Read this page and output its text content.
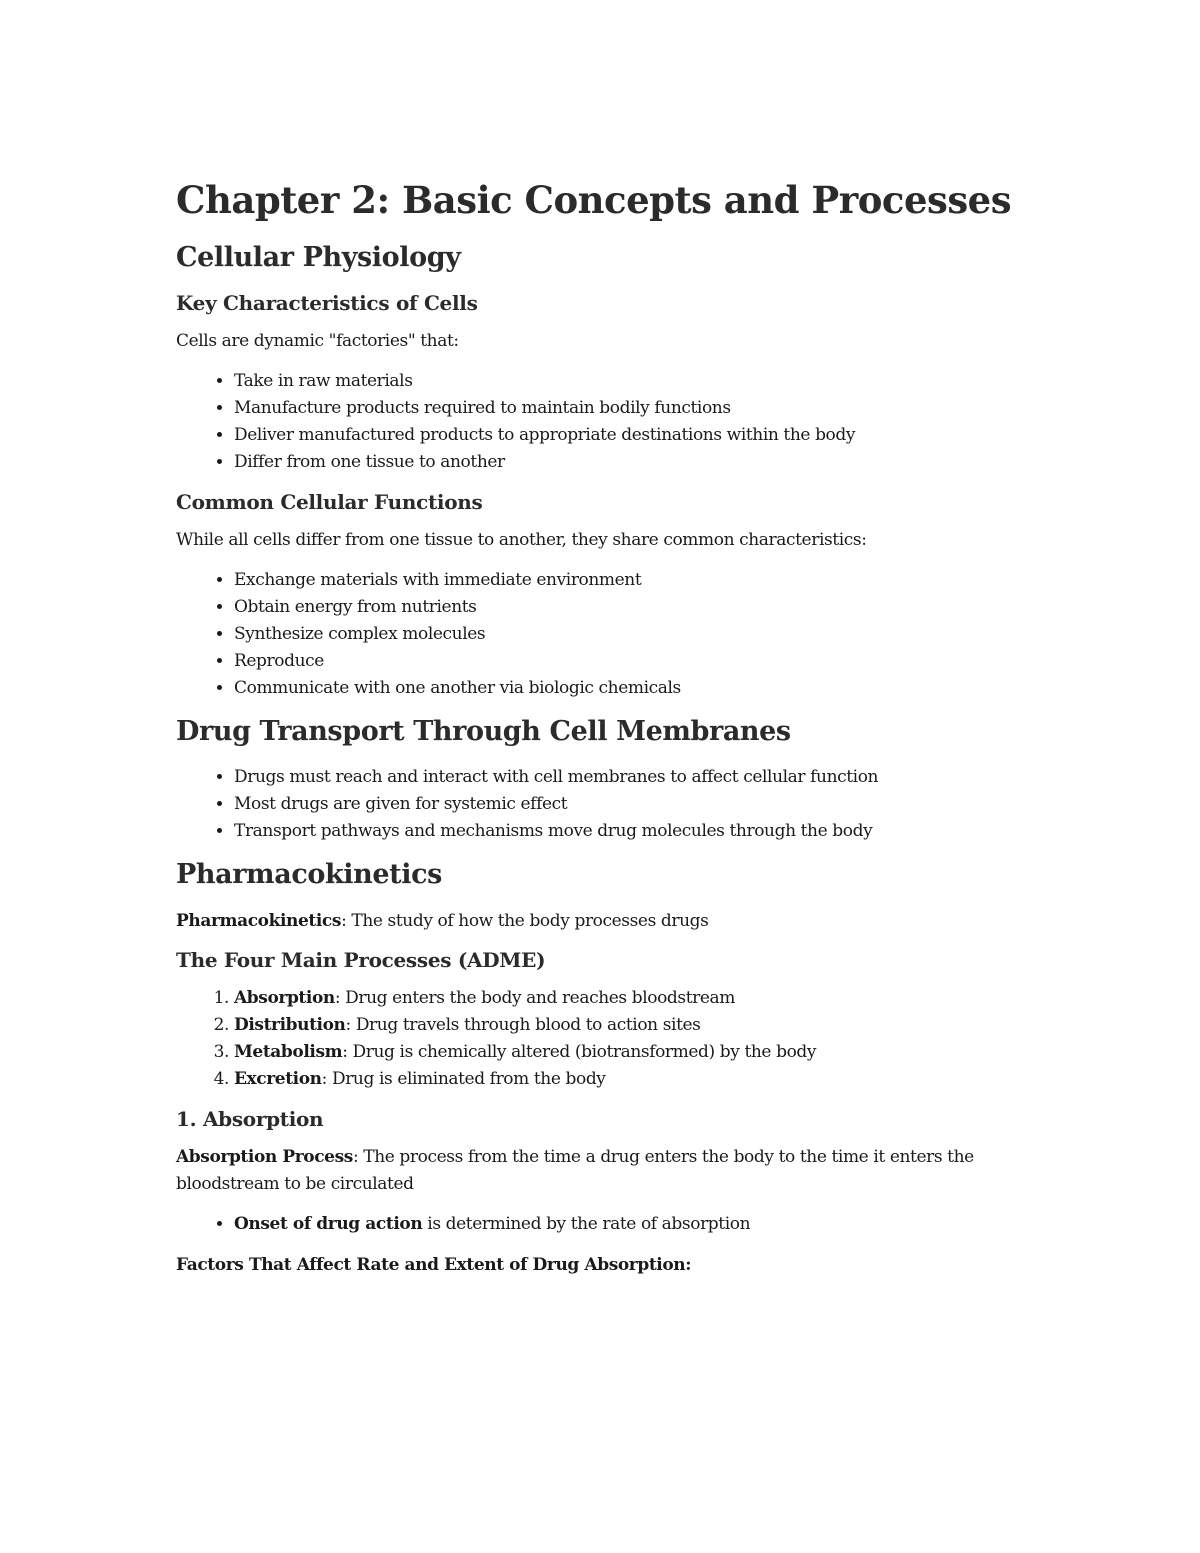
Chapter 2: Basic Concepts and Processes
Cellular Physiology
Key Characteristics of Cells

Cells are dynamic "factories" that:

• Take in raw materials
• Manufacture products required to maintain bodily functions
• Deliver manufactured products to appropriate destinations within the body
• Differ from one tissue to another
Common Cellular Functions

While all cells differ from one tissue to another, they share common characteristics:

• Exchange materials with immediate environment
• Obtain energy from nutrients
• Synthesize complex molecules
• Reproduce
• Communicate with one another via biologic chemicals
Drug Transport Through Cell Membranes
• Drugs must reach and interact with cell membranes to affect cellular function
• Most drugs are given for systemic effect
• Transport pathways and mechanisms move drug molecules through the body
Pharmacokinetics

Pharmacokinetics: The study of how the body processes drugs

The Four Main Processes (ADME)
1. Absorption: Drug enters the body and reaches bloodstream
2. Distribution: Drug travels through blood to action sites
3. Metabolism: Drug is chemically altered (biotransformed) by the body
4. Excretion: Drug is eliminated from the body
1. Absorption

Absorption Process: The process from the time a drug enters the body to the time it enters the bloodstream to be circulated

• Onset of drug action is determined by the rate of absorption

Factors That Affect Rate and Extent of Drug Absorption:
